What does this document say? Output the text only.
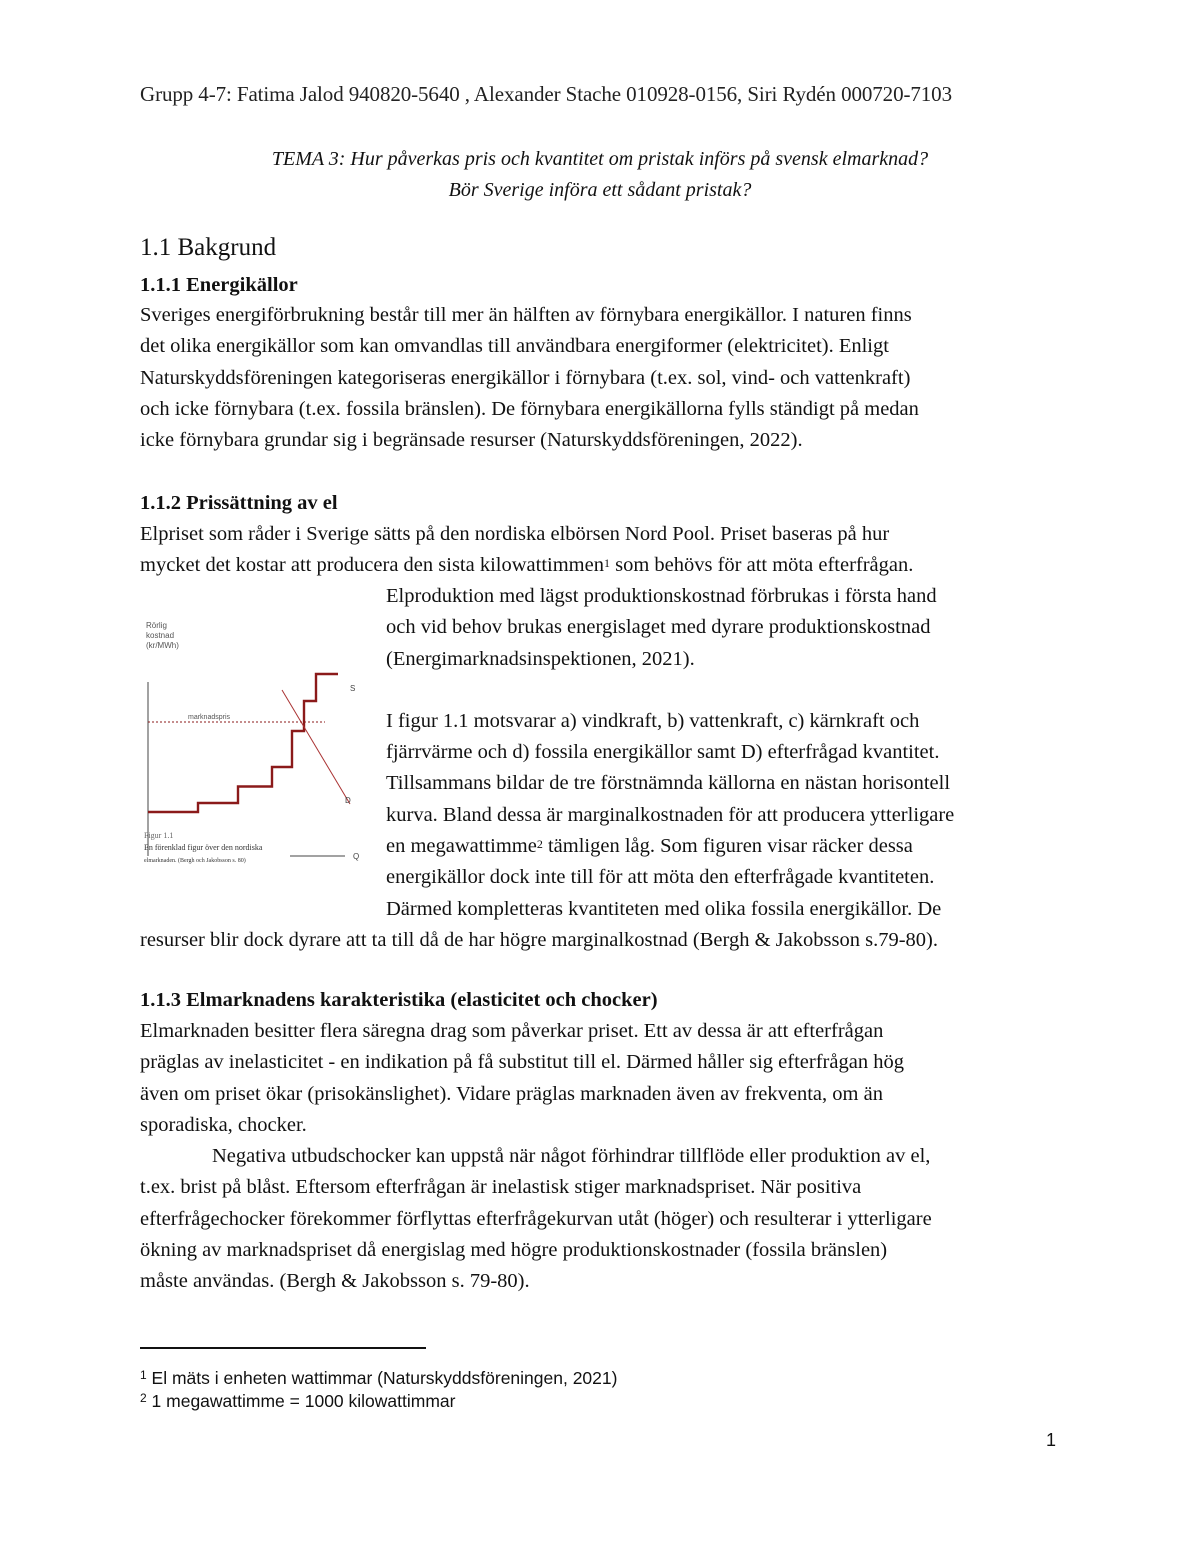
Grupp 4-7: Fatima Jalod 940820-5640 , Alexander Stache 010928-0156, Siri Rydén 000720-7103
TEMA 3: Hur påverkas pris och kvantitet om pristak införs på svensk elmarknad?
Bör Sverige införa ett sådant pristak?
1.1 Bakgrund
1.1.1 Energikällor

Sveriges energiförbrukning består till mer än hälften av förnybara energikällor. I naturen finns

det olika energikällor som kan omvandlas till användbara energiformer (elektricitet). Enligt

Naturskyddsföreningen kategoriseras energikällor i förnybara (t.ex. sol, vind- och vattenkraft)

och icke förnybara (t.ex. fossila bränslen). De förnybara energikällorna fylls ständigt på medan

icke förnybara grundar sig i begränsade resurser (Naturskyddsföreningen, 2022).

1.1.2 Prissättning av el

Elpriset som råder i Sverige sätts på den nordiska elbörsen Nord Pool. Priset baseras på hur

mycket det kostar att producera den sista kilowattimmen$^1$ som behövs för att möta efterfrågan.

Elproduktion med lägst produktionskostnad förbrukas i första hand

och vid behov brukas energislaget med dyrare produktionskostnad

(Energimarknadsinspektionen, 2021).

I figur 1.1 motsvarar a) vindkraft, b) vattenkraft, c) kärnkraft och

fjärrvärme och d) fossila energikällor samt D) efterfrågad kvantitet.

Tillsammans bildar de tre förstnämnda källorna en nästan horisontell

kurva. Bland dessa är marginalkostnaden för att producera ytterligare

en megawattimme$^2$ tämligen låg. Som figuren visar räcker dessa

energikällor dock inte till för att möta den efterfrågade kvantiteten.

Därmed kompletteras kvantiteten med olika fossila energikällor. De

resurser blir dock dyrare att ta till då de har högre marginalkostnad (Bergh & Jakobsson s.79-80).

Rörlig
kostnad
(kr/MWh)
marknadspris
S
D
Q
Figur 1.1
En förenklad figur över den nordiska
elmarknaden. (Bergh och Jakobsson s. 80)
1.1.3 Elmarknadens karakteristika (elasticitet och chocker)

Elmarknaden besitter flera säregna drag som påverkar priset. Ett av dessa är att efterfrågan

präglas av inelasticitet - en indikation på få substitut till el. Därmed håller sig efterfrågan hög

även om priset ökar (prisokänslighet). Vidare präglas marknaden även av frekventa, om än

sporadiska, chocker.

Negativa utbudschocker kan uppstå när något förhindrar tillflöde eller produktion av el,

t.ex. brist på blåst. Eftersom efterfrågan är inelastisk stiger marknadspriset. När positiva

efterfrågechocker förekommer förflyttas efterfrågekurvan utåt (höger) och resulterar i ytterligare

ökning av marknadspriset då energislag med högre produktionskostnader (fossila bränslen)

måste användas. (Bergh & Jakobsson s. 79-80).

$^1$ El mäts i enheten wattimmar (Naturskyddsföreningen, 2021)
$^2$ 1 megawattimme = 1000 kilowattimmar
1
